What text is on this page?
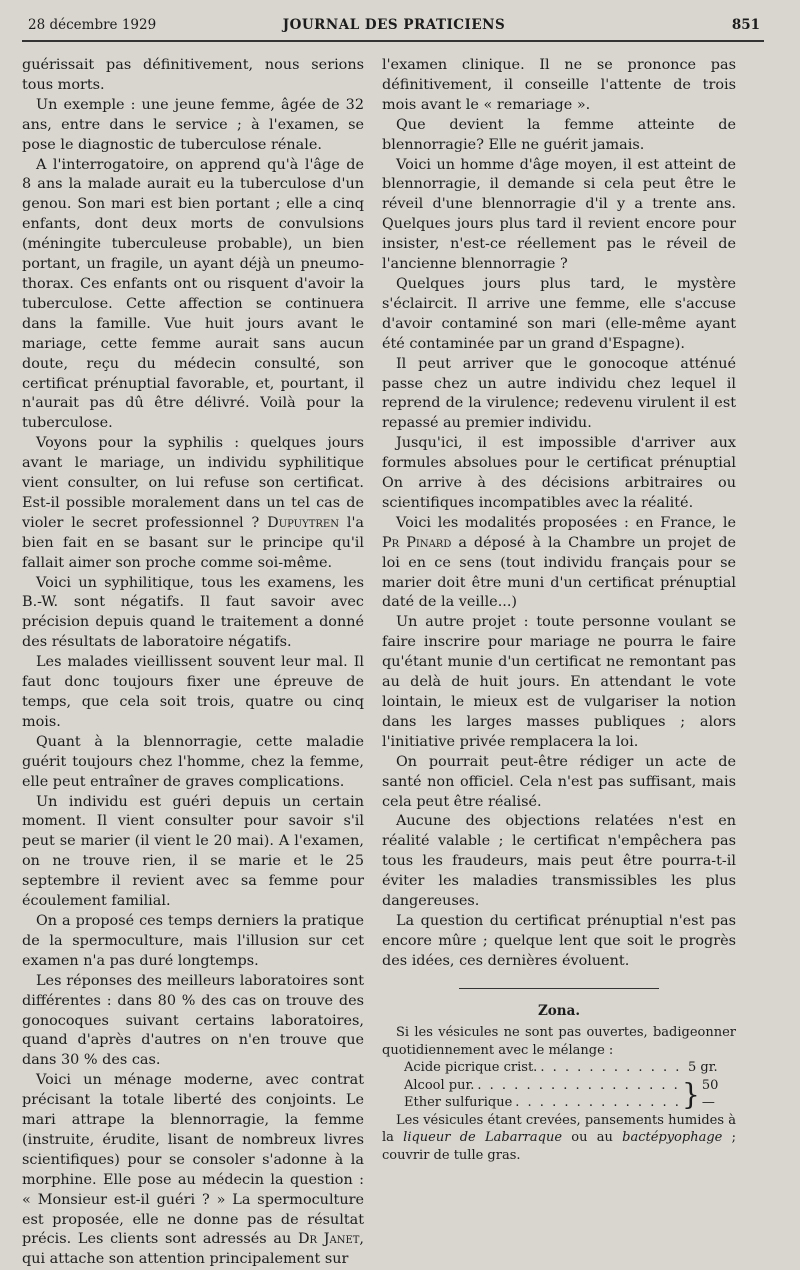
28 décembre 1929	JOURNAL DES PRATICIENS	851

guérissait pas définitivement, nous serions tous morts.

Un exemple : une jeune femme, âgée de 32 ans, entre dans le service ; à l'examen, se pose le diagnostic de tuberculose rénale.

A l'interrogatoire, on apprend qu'à l'âge de 8 ans la malade aurait eu la tuberculose d'un genou. Son mari est bien portant ; elle a cinq enfants, dont deux morts de convulsions (méningite tuberculeuse probable), un bien portant, un fragile, un ayant déjà un pneumo-thorax. Ces enfants ont ou risquent d'avoir la tuberculose. Cette affection se continuera dans la famille. Vue huit jours avant le mariage, cette femme aurait sans aucun doute, reçu du médecin consulté, son certificat prénuptial favorable, et, pourtant, il n'aurait pas dû être délivré. Voilà pour la tuberculose.

Voyons pour la syphilis : quelques jours avant le mariage, un individu syphilitique vient consulter, on lui refuse son certificat. Est-il possible moralement dans un tel cas de violer le secret professionnel ? Dupuytren l'a bien fait en se basant sur le principe qu'il fallait aimer son proche comme soi-même.

Voici un syphilitique, tous les examens, les B.-W. sont négatifs. Il faut savoir avec précision depuis quand le traitement a donné des résultats de laboratoire négatifs.

Les malades vieillissent souvent leur mal. Il faut donc toujours fixer une épreuve de temps, que cela soit trois, quatre ou cinq mois.

Quant à la blennorragie, cette maladie guérit toujours chez l'homme, chez la femme, elle peut entraîner de graves complications.

Un individu est guéri depuis un certain moment. Il vient consulter pour savoir s'il peut se marier (il vient le 20 mai). A l'examen, on ne trouve rien, il se marie et le 25 septembre il revient avec sa femme pour écoulement familial.

On a proposé ces temps derniers la pratique de la spermoculture, mais l'illusion sur cet examen n'a pas duré longtemps.

Les réponses des meilleurs laboratoires sont différentes : dans 80 % des cas on trouve des gonocoques suivant certains laboratoires, quand d'après d'autres on n'en trouve que dans 30 % des cas.

Voici un ménage moderne, avec contrat précisant la totale liberté des conjoints. Le mari attrape la blennorragie, la femme (instruite, érudite, lisant de nombreux livres scientifiques) pour se consoler s'adonne à la morphine. Elle pose au médecin la question : « Monsieur est-il guéri ? » La spermoculture est proposée, elle ne donne pas de résultat précis. Les clients sont adressés au Dr Janet, qui attache son attention principalement sur

l'examen clinique. Il ne se prononce pas définitivement, il conseille l'attente de trois mois avant le « remariage ».

Que devient la femme atteinte de blennorragie? Elle ne guérit jamais.

Voici un homme d'âge moyen, il est atteint de blennorragie, il demande si cela peut être le réveil d'une blennorragie d'il y a trente ans. Quelques jours plus tard il revient encore pour insister, n'est-ce réellement pas le réveil de l'ancienne blennorragie ?

Quelques jours plus tard, le mystère s'éclaircit. Il arrive une femme, elle s'accuse d'avoir contaminé son mari (elle-même ayant été contaminée par un grand d'Espagne).

Il peut arriver que le gonocoque atténué passe chez un autre individu chez lequel il reprend de la virulence; redevenu virulent il est repassé au premier individu.

Jusqu'ici, il est impossible d'arriver aux formules absolues pour le certificat prénuptial On arrive à des décisions arbitraires ou scientifiques incompatibles avec la réalité.

Voici les modalités proposées : en France, le Pr Pinard a déposé à la Chambre un projet de loi en ce sens (tout individu français pour se marier doit être muni d'un certificat prénuptial daté de la veille...)

Un autre projet : toute personne voulant se faire inscrire pour mariage ne pourra le faire qu'étant munie d'un certificat ne remontant pas au delà de huit jours. En attendant le vote lointain, le mieux est de vulgariser la notion dans les larges masses publiques ; alors l'initiative privée remplacera la loi.

On pourrait peut-être rédiger un acte de santé non officiel. Cela n'est pas suffisant, mais cela peut être réalisé.

Aucune des objections relatées n'est en réalité valable ; le certificat n'empêchera pas tous les fraudeurs, mais peut être pourra-t-il éviter les maladies transmissibles les plus dangereuses.

La question du certificat prénuptial n'est pas encore mûre ; quelque lent que soit le progrès des idées, ces dernières évoluent.

Zona.

Si les vésicules ne sont pas ouvertes, badigeonner quotidiennement avec le mélange :

Acide picrique crist.
. . .
Alcool pur.
. . .
Ether sulfurique
. . .
5 gr.
} 50 —

Les vésicules étant crevées, pansements humides à la liqueur de Labarraque ou au bactépyophage ; couvrir de tulle gras.
